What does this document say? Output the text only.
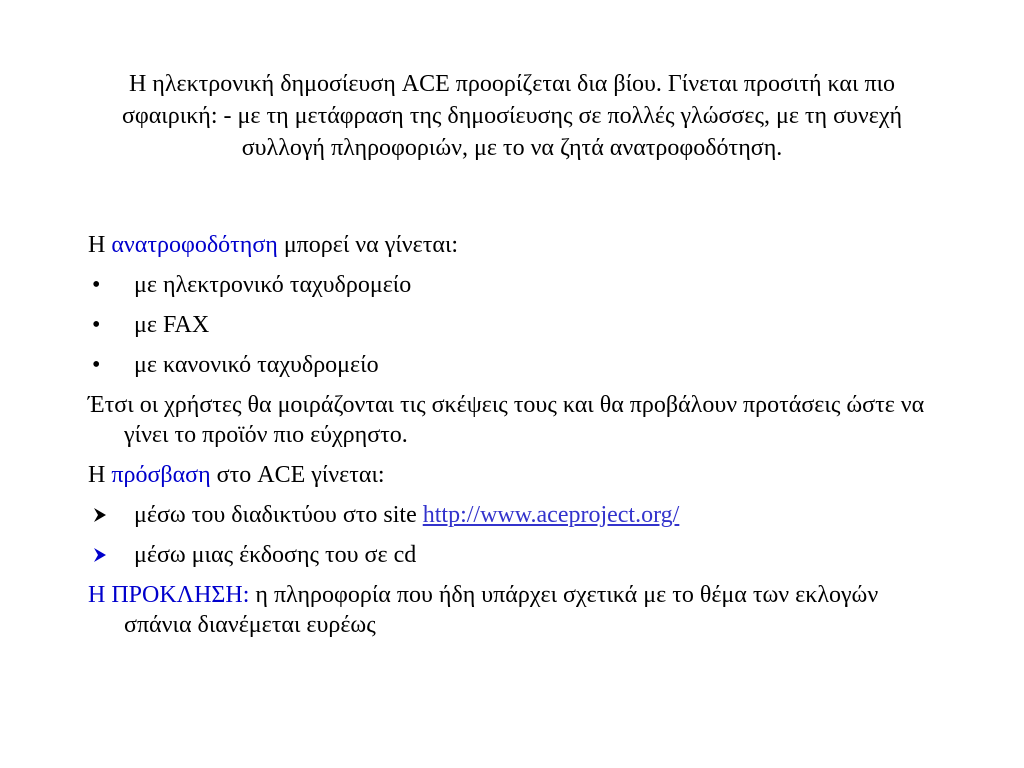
Η ηλεκτρονική δημοσίευση ACE προορίζεται δια βίου. Γίνεται προσιτή και πιο σφαιρική: - με τη μετάφραση της δημοσίευσης σε πολλές γλώσσες, με τη συνεχή συλλογή πληροφοριών, με το να ζητά ανατροφοδότηση.
Η ανατροφοδότηση μπορεί να γίνεται:
•	με ηλεκτρονικό ταχυδρομείο
•	με FAX
•	με κανονικό ταχυδρομείο
Έτσι οι χρήστες θα μοιράζονται τις σκέψεις τους και θα προβάλουν προτάσεις ώστε να γίνει το προϊόν πιο εύχρηστο.
Η πρόσβαση στο ACE γίνεται:
μέσω του διαδικτύου στο site http://www.aceproject.org/
μέσω μιας έκδοσης του σε cd
Η ΠΡΟΚΛΗΣΗ: η πληροφορία που ήδη υπάρχει σχετικά με το θέμα των εκλογών σπάνια διανέμεται ευρέως
